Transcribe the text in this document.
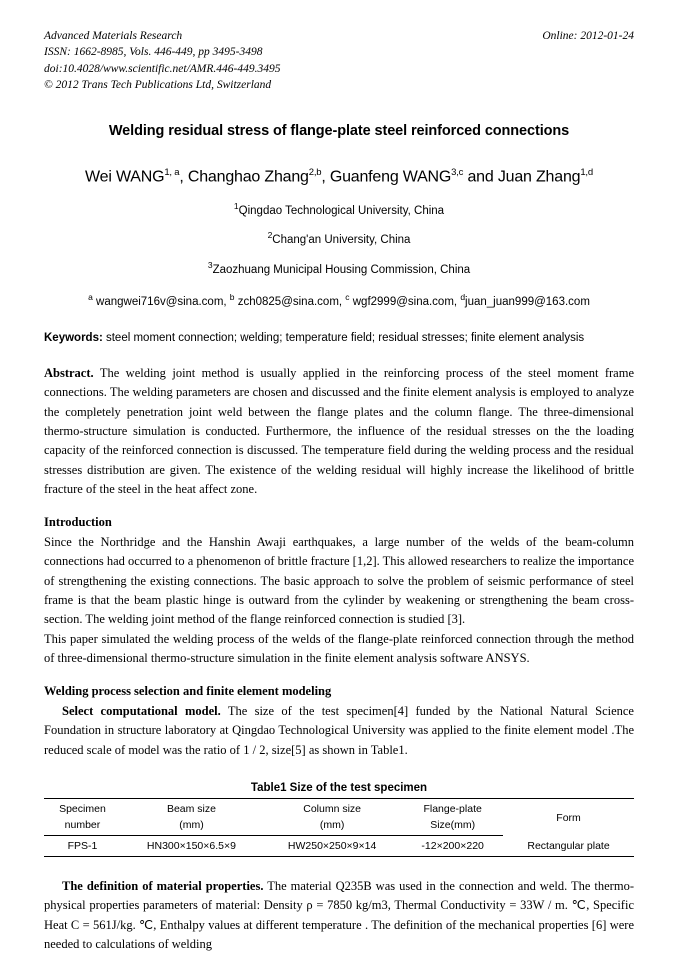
Advanced Materials Research
ISSN: 1662-8985, Vols. 446-449, pp 3495-3498
doi:10.4028/www.scientific.net/AMR.446-449.3495
© 2012 Trans Tech Publications Ltd, Switzerland
Online: 2012-01-24
Welding residual stress of flange-plate steel reinforced connections
Wei WANG$^{1, a}$, Changhao Zhang$^{2,b}$, Guanfeng WANG$^{3,c}$ and Juan Zhang$^{1,d}$
$^1$Qingdao Technological University, China
$^2$Chang'an University, China
$^3$Zaozhuang Municipal Housing Commission, China
$^a$ wangwei716v@sina.com, $^b$ zch0825@sina.com, $^c$ wgf2999@sina.com, $^d$juan_juan999@163.com
Keywords: steel moment connection; welding; temperature field; residual stresses; finite element analysis
Abstract. The welding joint method is usually applied in the reinforcing process of the steel moment frame connections. The welding parameters are chosen and discussed and the finite element analysis is employed to analyze the completely penetration joint weld between the flange plates and the column flange. The three-dimensional thermo-structure simulation is conducted. Furthermore, the influence of the residual stresses on the the loading capacity of the reinforced connection is discussed. The temperature field during the welding process and the residual stresses distribution are given. The existence of the welding residual will highly increase the likelihood of brittle fracture of the steel in the heat affect zone.
Introduction
Since the Northridge and the Hanshin Awaji earthquakes, a large number of the welds of the beam-column connections had occurred to a phenomenon of brittle fracture [1,2]. This allowed researchers to realize the importance of strengthening the existing connections. The basic approach to solve the problem of seismic performance of steel frame is that the beam plastic hinge is outward from the cylinder by weakening or strengthening the beam cross-section. The welding joint method of the flange reinforced connection is studied [3].
This paper simulated the welding process of the welds of the flange-plate reinforced connection through the method of three-dimensional thermo-structure simulation in the finite element analysis software ANSYS.
Welding process selection and finite element modeling
Select computational model. The size of the test specimen[4] funded by the National Natural Science Foundation in structure laboratory at Qingdao Technological University was applied to the finite element model .The reduced scale of model was the ratio of 1 / 2, size[5] as shown in Table1.
Table1 Size of the test specimen
Specimen	Beam size	Column size	Flange-plate	Form
number	(mm)	(mm)	Size(mm)	
FPS-1	HN300×150×6.5×9	HW250×250×9×14	-12×200×220	Rectangular plate
The definition of material properties. The material Q235B was used in the connection and weld. The thermo-physical properties parameters of material: Density ρ = 7850 kg/m3, Thermal Conductivity = 33W / m. ℃, Specific Heat C = 561J/kg. ℃, Enthalpy values at different temperature . The definition of the mechanical properties [6] were needed to calculations of welding
